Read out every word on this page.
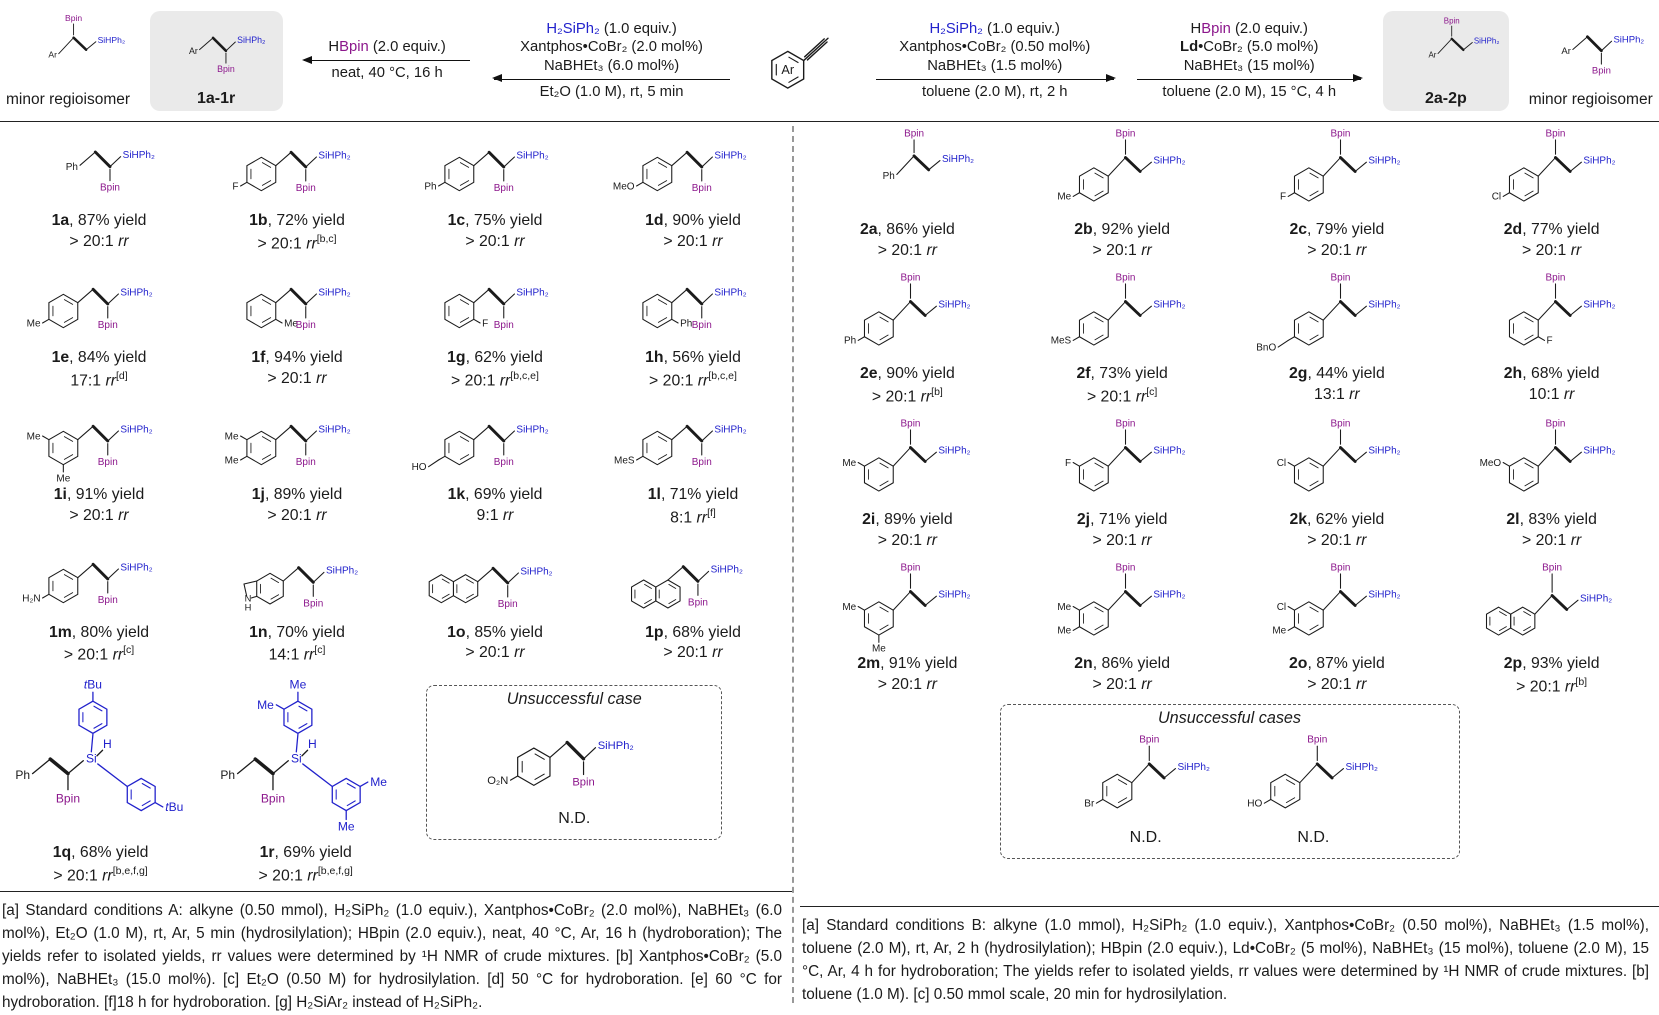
Ar
Bpin
SiHPh₂
minor regioisomer
Ar
SiHPh₂
Bpin
1a-1r
HBpin (2.0 equiv.)
neat, 40 °C, 16 h
H₂SiPh₂ (1.0 equiv.)
Xantphos•CoBr₂ (2.0 mol%)
NaBHEt₃ (6.0 mol%)
Et₂O (1.0 M), rt, 5 min
Ar
H₂SiPh₂ (1.0 equiv.)
Xantphos•CoBr₂ (0.50 mol%)
NaBHEt₃ (1.5 mol%)
toluene (2.0 M), rt, 2 h
HBpin (2.0 equiv.)
Ld•CoBr₂ (5.0 mol%)
NaBHEt₃ (15 mol%)
toluene (2.0 M), 15 °C, 4 h
Ar
Bpin
SiHPh₂
2a-2p
Ar
SiHPh₂
Bpin
minor regioisomer
Ph
SiHPh₂
Bpin
1a, 87% yield
> 20:1 rr
F
SiHPh₂
Bpin
1b, 72% yield
> 20:1 rr[b,c]
Ph
SiHPh₂
Bpin
1c, 75% yield
> 20:1 rr
MeO
SiHPh₂
Bpin
1d, 90% yield
> 20:1 rr
Me
SiHPh₂
Bpin
1e, 84% yield
17:1 rr[d]
Me
SiHPh₂
Bpin
1f, 94% yield
> 20:1 rr
F
SiHPh₂
Bpin
1g, 62% yield
> 20:1 rr[b,c,e]
Ph
SiHPh₂
Bpin
1h, 56% yield
> 20:1 rr[b,c,e]
Me
Me
SiHPh₂
Bpin
1i, 91% yield
> 20:1 rr
Me
Me
SiHPh₂
Bpin
1j, 89% yield
> 20:1 rr
HO
SiHPh₂
Bpin
1k, 69% yield
9:1 rr
MeS
SiHPh₂
Bpin
1l, 71% yield
8:1 rr[f]
H₂N
SiHPh₂
Bpin
1m, 80% yield
> 20:1 rr[c]
N
H
SiHPh₂
Bpin
1n, 70% yield
14:1 rr[c]
SiHPh₂
Bpin
1o, 85% yield
> 20:1 rr
SiHPh₂
Bpin
1p, 68% yield
> 20:1 rr
Ph
Bpin
Si
H
tBu
tBu
1q, 68% yield
> 20:1 rr[b,e,f,g]
Ph
Bpin
Si
H
Me
Me
Me
Me
1r, 69% yield
> 20:1 rr[b,e,f,g]
Unsuccessful case
O₂N
SiHPh₂
Bpin
N.D.
[a] Standard conditions A: alkyne (0.50 mmol), H₂SiPh₂ (1.0 equiv.), Xantphos•CoBr₂ (2.0 mol%), NaBHEt₃ (6.0 mol%), Et₂O (1.0 M), rt, Ar, 5 min (hydrosilylation); HBpin (2.0 equiv.), neat, 40 °C, Ar, 16 h (hydroboration); The yields refer to isolated yields, rr values were determined by ¹H NMR of crude mixtures. [b] Xantphos•CoBr₂ (5.0 mol%), NaBHEt₃ (15.0 mol%). [c] Et₂O (0.50 M) for hydrosilylation. [d] 50 °C for hydroboration. [e] 60 °C for hydroboration. [f]18 h for hydroboration. [g] H₂SiAr₂ instead of H₂SiPh₂.
Ph
Bpin
SiHPh₂
2a, 86% yield
> 20:1 rr
Me
Bpin
SiHPh₂
2b, 92% yield
> 20:1 rr
F
Bpin
SiHPh₂
2c, 79% yield
> 20:1 rr
Cl
Bpin
SiHPh₂
2d, 77% yield
> 20:1 rr
Ph
Bpin
SiHPh₂
2e, 90% yield
> 20:1 rr[b]
MeS
Bpin
SiHPh₂
2f, 73% yield
> 20:1 rr[c]
BnO
Bpin
SiHPh₂
2g, 44% yield
13:1 rr
F
Bpin
SiHPh₂
2h, 68% yield
10:1 rr
Me
Bpin
SiHPh₂
2i, 89% yield
> 20:1 rr
F
Bpin
SiHPh₂
2j, 71% yield
> 20:1 rr
Cl
Bpin
SiHPh₂
2k, 62% yield
> 20:1 rr
MeO
Bpin
SiHPh₂
2l, 83% yield
> 20:1 rr
Me
Me
Bpin
SiHPh₂
2m, 91% yield
> 20:1 rr
Me
Me
Bpin
SiHPh₂
2n, 86% yield
> 20:1 rr
Cl
Me
Bpin
SiHPh₂
2o, 87% yield
> 20:1 rr
Bpin
SiHPh₂
2p, 93% yield
> 20:1 rr[b]
Unsuccessful cases
Br
Bpin
SiHPh₂
N.D.
HO
Bpin
SiHPh₂
N.D.
[a] Standard conditions B: alkyne (1.0 mmol), H₂SiPh₂ (1.0 equiv.), Xantphos•CoBr₂ (0.50 mol%), NaBHEt₃ (1.5 mol%), toluene (2.0 M), rt, Ar, 2 h (hydrosilylation); HBpin (2.0 equiv.), Ld•CoBr₂ (5 mol%), NaBHEt₃ (15 mol%), toluene (2.0 M), 15 °C, Ar, 4 h for hydroboration; The yields refer to isolated yields, rr values were determined by ¹H NMR of crude mixtures. [b] toluene (1.0 M). [c] 0.50 mmol scale, 20 min for hydrosilylation.
